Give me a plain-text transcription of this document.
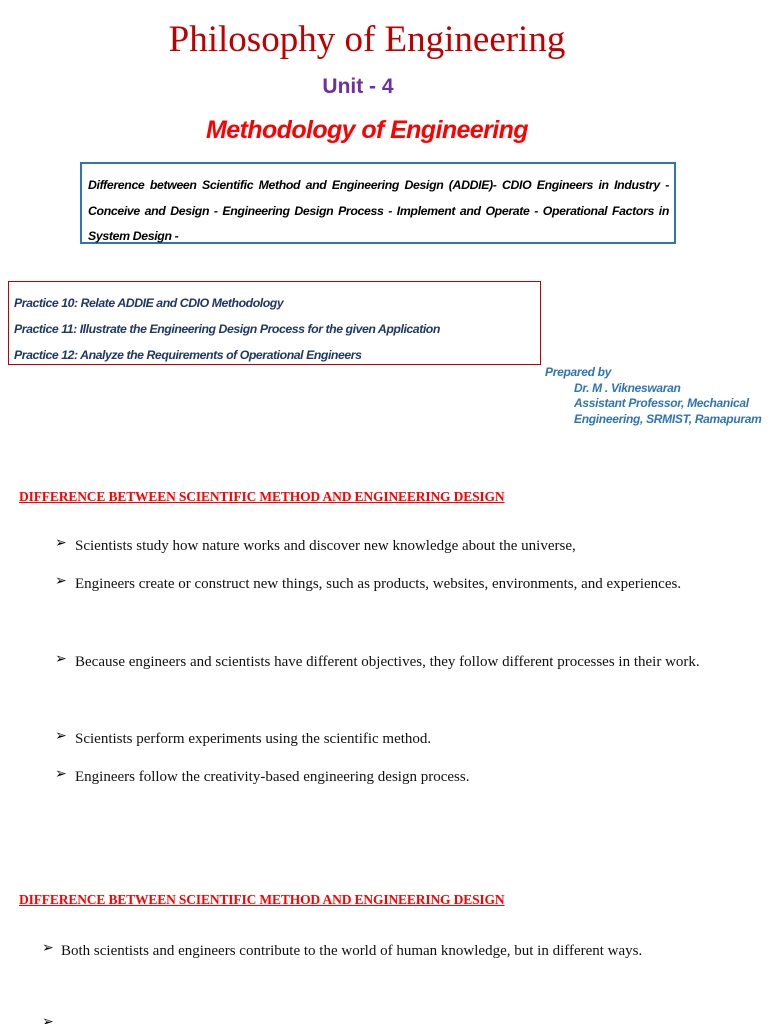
Philosophy of Engineering
Unit - 4
Methodology of Engineering
Difference between Scientific Method and Engineering Design (ADDIE)- CDIO Engineers in Industry - Conceive and Design - Engineering Design Process - Implement and Operate - Operational Factors in System Design -
Practice 10: Relate ADDIE and CDIO Methodology
Practice 11: Illustrate the Engineering Design Process for the given Application
Practice 12: Analyze the Requirements of Operational Engineers
Prepared by
Dr. M . Vikneswaran
Assistant Professor, Mechanical
Engineering, SRMIST, Ramapuram
DIFFERENCE BETWEEN SCIENTIFIC METHOD AND ENGINEERING DESIGN
➢ Scientists study how nature works and discover new knowledge about the universe,
➢ Engineers create or construct new things, such as products, websites, environments, and experiences.
➢ Because engineers and scientists have different objectives, they follow different processes in their work.
➢ Scientists perform experiments using the scientific method.
➢ Engineers follow the creativity-based engineering design process.
DIFFERENCE BETWEEN SCIENTIFIC METHOD AND ENGINEERING DESIGN
➢ Both scientists and engineers contribute to the world of human knowledge, but in different ways.
➢
